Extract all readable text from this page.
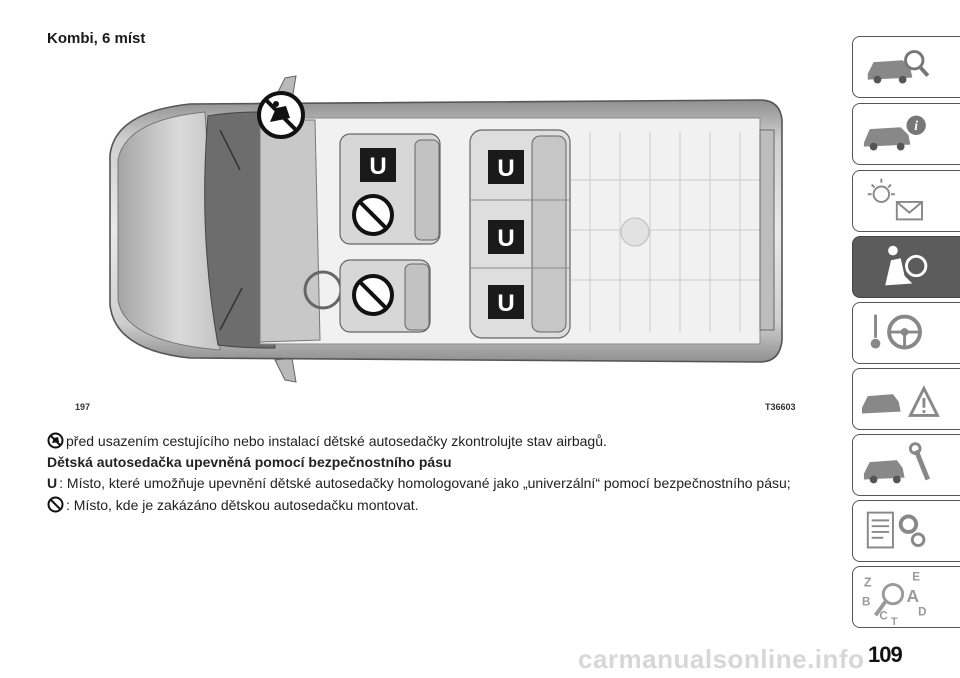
Kombi, 6 míst
U	U
U
U
197	T36603
před usazením cestujícího nebo instalací dětské autosedačky zkontrolujte stav airbagů.
Dětská autosedačka upevněná pomocí bezpečnostního pásu
U : Místo, které umožňuje upevnění dětské autosedačky homologované jako „univerzální“ pomocí bezpečnostního pásu;
: Místo, kde je zakázáno dětskou autosedačku montovat.
i
Z	E
B A
C	D
T
carmanualsonline.info 109
